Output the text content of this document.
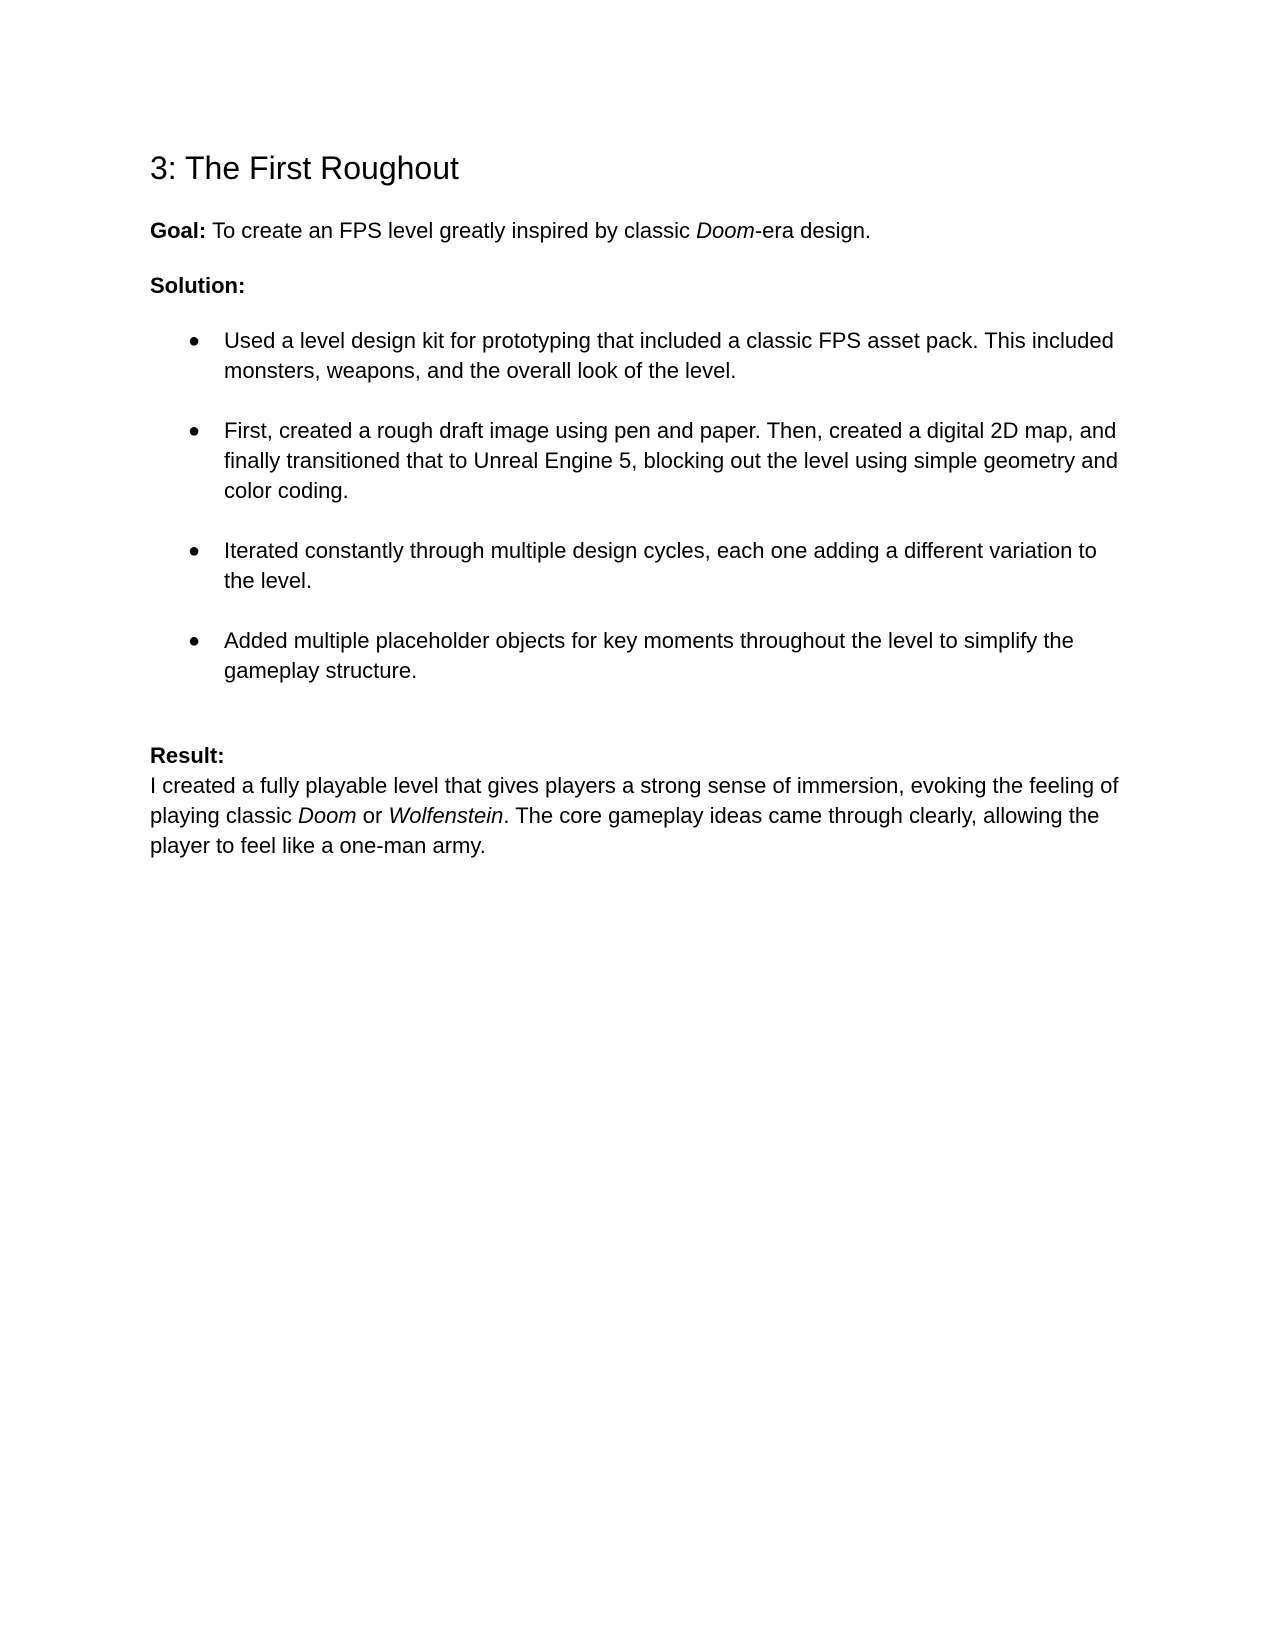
3: The First Roughout

Goal: To create an FPS level greatly inspired by classic Doom-era design.

Solution:

● Used a level design kit for prototyping that included a classic FPS asset pack. This included monsters, weapons, and the overall look of the level.
● First, created a rough draft image using pen and paper. Then, created a digital 2D map, and finally transitioned that to Unreal Engine 5, blocking out the level using simple geometry and color coding.
● Iterated constantly through multiple design cycles, each one adding a different variation to the level.
● Added multiple placeholder objects for key moments throughout the level to simplify the gameplay structure.

Result:

I created a fully playable level that gives players a strong sense of immersion, evoking the feeling of playing classic Doom or Wolfenstein. The core gameplay ideas came through clearly, allowing the player to feel like a one-man army.
